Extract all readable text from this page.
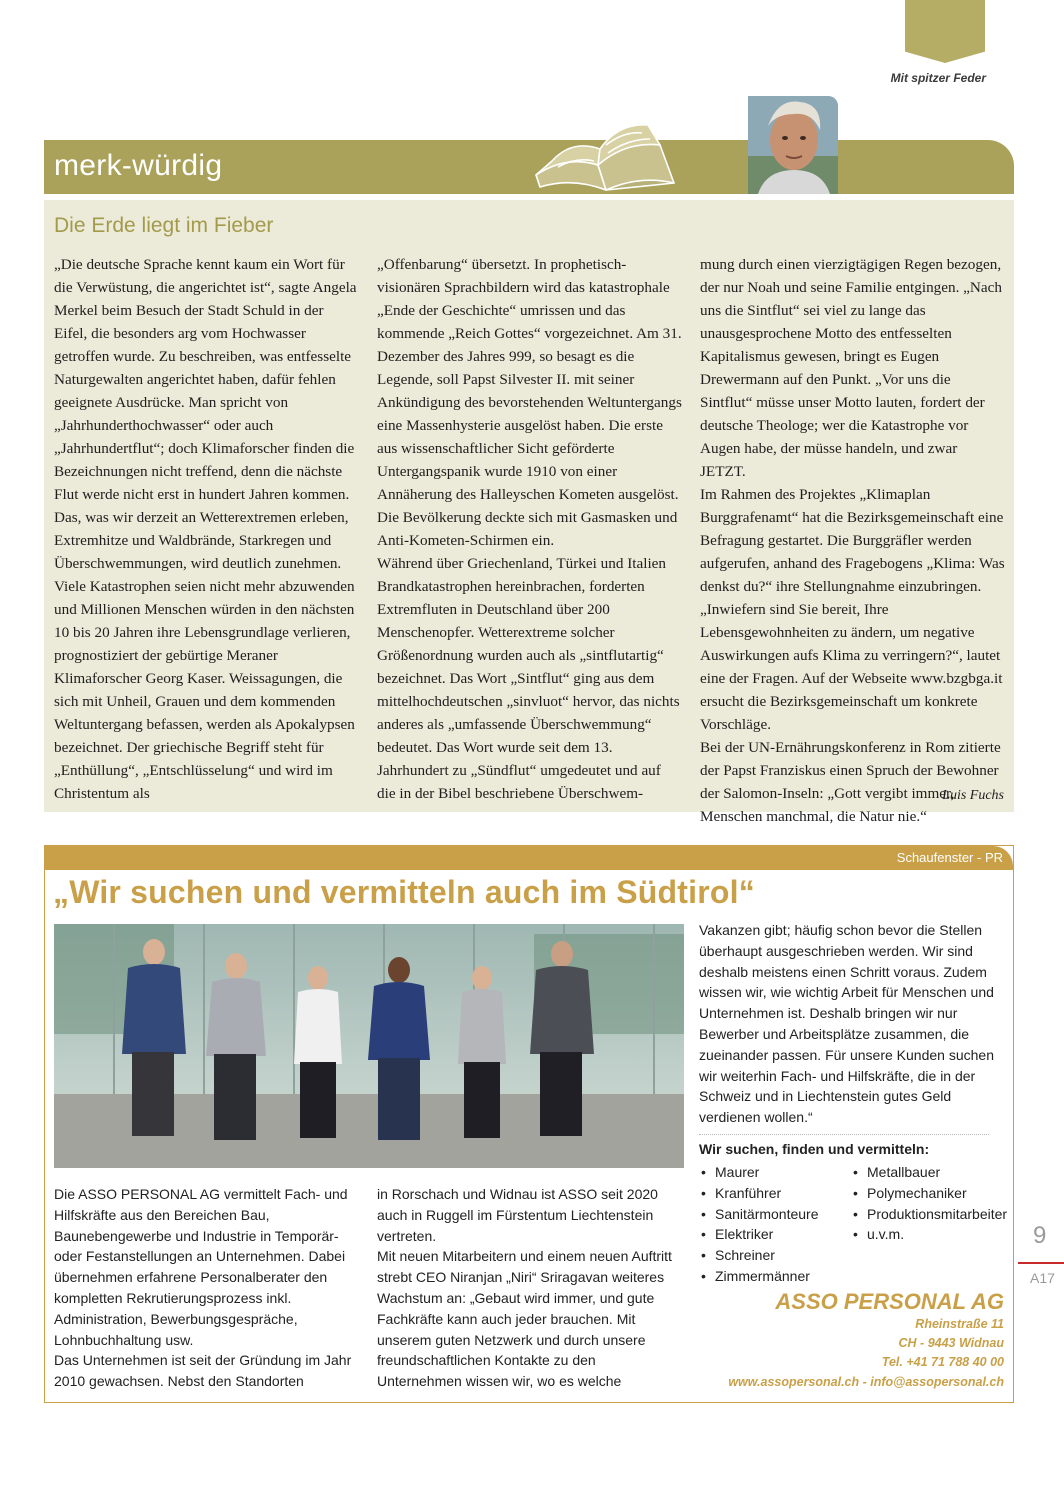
Mit spitzer Feder
merk-würdig
Die Erde liegt im Fieber

„Die deutsche Sprache kennt kaum ein Wort für die Verwüstung, die angerichtet ist“, sagte Angela Merkel beim Besuch der Stadt Schuld in der Eifel, die besonders arg vom Hochwasser getroffen wurde. Zu beschreiben, was entfesselte Naturgewalten angerichtet haben, dafür fehlen geeignete Ausdrücke. Man spricht von „Jahrhunderthochwasser“ oder auch „Jahrhundertflut“; doch Klimaforscher finden die Bezeichnungen nicht treffend, denn die nächste Flut werde nicht erst in hundert Jahren kommen. Das, was wir derzeit an Wetterextremen erleben, Extremhitze und Waldbrände, Starkregen und Überschwemmungen, wird deutlich zunehmen. Viele Katastrophen seien nicht mehr abzuwenden und Millionen Menschen würden in den nächsten 10 bis 20 Jahren ihre Lebensgrundlage verlieren, prognostiziert der gebürtige Meraner Klimaforscher Georg Kaser. Weissagungen, die sich mit Unheil, Grauen und dem kommenden Weltuntergang befassen, werden als Apokalypsen bezeichnet. Der griechische Begriff steht für „Enthüllung“, „Entschlüsselung“ und wird im Christentum als

„Offenbarung“ übersetzt. In prophetisch-visionären Sprachbildern wird das katastrophale „Ende der Geschichte“ umrissen und das kommende „Reich Gottes“ vorgezeichnet. Am 31. Dezember des Jahres 999, so besagt es die Legende, soll Papst Silvester II. mit seiner Ankündigung des bevorstehenden Weltuntergangs eine Massenhysterie ausgelöst haben. Die erste aus wissenschaftlicher Sicht geförderte Untergangspanik wurde 1910 von einer Annäherung des Halleyschen Kometen ausgelöst. Die Bevölkerung deckte sich mit Gasmasken und Anti-Kometen-Schirmen ein.
Während über Griechenland, Türkei und Italien Brandkatastrophen hereinbrachen, forderten Extremfluten in Deutschland über 200 Menschenopfer. Wetterextreme solcher Größenordnung wurden auch als „sintflutartig“ bezeichnet. Das Wort „Sintflut“ ging aus dem mittelhochdeutschen „sinvluot“ hervor, das nichts anderes als „umfassende Überschwemmung“ bedeutet. Das Wort wurde seit dem 13. Jahrhundert zu „Sündflut“ umgedeutet und auf die in der Bibel beschriebene Überschwem-

mung durch einen vierzigtägigen Regen bezogen, der nur Noah und seine Familie entgingen. „Nach uns die Sintflut“ sei viel zu lange das unausgesprochene Motto des entfesselten Kapitalismus gewesen, bringt es Eugen Drewermann auf den Punkt. „Vor uns die Sintflut“ müsse unser Motto lauten, fordert der deutsche Theologe; wer die Katastrophe vor Augen habe, der müsse handeln, und zwar JETZT.
Im Rahmen des Projektes „Klimaplan Burggrafenamt“ hat die Bezirksgemeinschaft eine Befragung gestartet. Die Burggräfler werden aufgerufen, anhand des Fragebogens „Klima: Was denkst du?“ ihre Stellungnahme einzubringen. „Inwiefern sind Sie bereit, Ihre Lebensgewohnheiten zu ändern, um negative Auswirkungen aufs Klima zu verringern?“, lautet eine der Fragen. Auf der Webseite www.bzgbga.it ersucht die Bezirksgemeinschaft um konkrete Vorschläge.
Bei der UN-Ernährungskonferenz in Rom zitierte der Papst Franziskus einen Spruch der Bewohner der Salomon-Inseln: „Gott vergibt immer, Menschen manchmal, die Natur nie.“

Luis Fuchs
Schaufenster - PR
„Wir suchen und vermitteln auch im Südtirol“

Die ASSO PERSONAL AG vermittelt Fach- und Hilfskräfte aus den Bereichen Bau, Baunebengewerbe und Industrie in Temporär- oder Festanstellungen an Unternehmen. Dabei übernehmen erfahrene Personalberater den kompletten Rekrutierungsprozess inkl. Administration, Bewerbungsgespräche, Lohnbuchhaltung usw.
Das Unternehmen ist seit der Gründung im Jahr 2010 gewachsen. Nebst den Standorten

in Rorschach und Widnau ist ASSO seit 2020 auch in Ruggell im Fürstentum Liechtenstein vertreten.
Mit neuen Mitarbeitern und einem neuen Auftritt strebt CEO Niranjan „Niri“ Sriragavan weiteres Wachstum an: „Gebaut wird immer, und gute Fachkräfte kann auch jeder brauchen. Mit unserem guten Netzwerk und durch unsere freundschaftlichen Kontakte zu den Unternehmen wissen wir, wo es welche

Vakanzen gibt; häufig schon bevor die Stellen überhaupt ausgeschrieben werden. Wir sind deshalb meistens einen Schritt voraus. Zudem wissen wir, wie wichtig Arbeit für Menschen und Unternehmen ist. Deshalb bringen wir nur Bewerber und Arbeitsplätze zusammen, die zueinander passen. Für unsere Kunden suchen wir weiterhin Fach- und Hilfskräfte, die in der Schweiz und in Liechtenstein gutes Geld verdienen wollen.“

Wir suchen, finden und vermitteln:
• Maurer
• Kranführer
• Sanitärmonteure
• Elektriker
• Schreiner
• Zimmermänner
• Metallbauer
• Polymechaniker
• Produktionsmitarbeiter
• u.v.m.
ASSO PERSONAL AG
Rheinstraße 11
CH - 9443 Widnau
Tel. +41 71 788 40 00
www.assopersonal.ch - info@assopersonal.ch
9
A17
